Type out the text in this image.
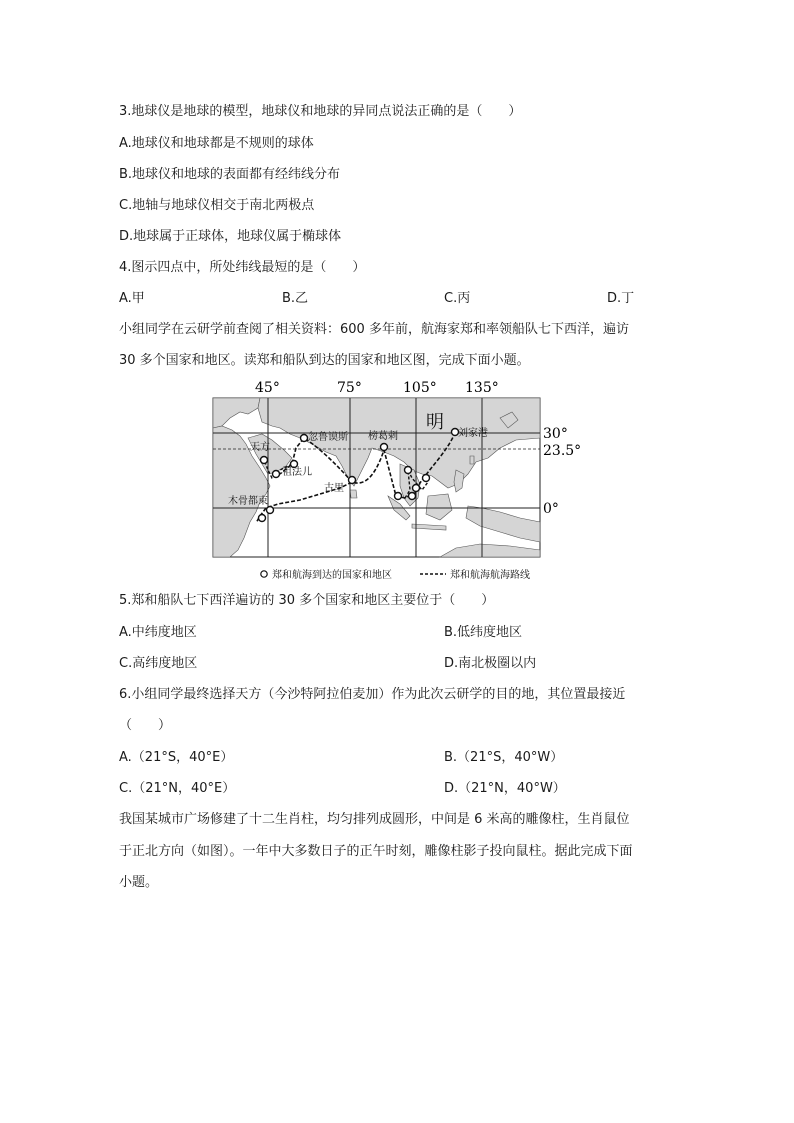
3.地球仪是地球的模型，地球仪和地球的异同点说法正确的是（　　）
A.地球仪和地球都是不规则的球体
B.地球仪和地球的表面都有经纬线分布
C.地轴与地球仪相交于南北两极点
D.地球属于正球体，地球仪属于椭球体
4.图示四点中，所处纬线最短的是（　　）
A.甲	B.乙	C.丙	D.丁
小组同学在云研学前查阅了相关资料：600 多年前，航海家郑和率领船队七下西洋，遍访
30 多个国家和地区。读郑和船队到达的国家和地区图，完成下面小题。
45°	75°	105° 135°
30°
23.5°
0°
明
刘家港
忽鲁谟斯
天方
祖法儿
榜葛剌
古里
木骨都束
郑和航海到达的国家和地区	郑和航海航海路线
5.郑和船队七下西洋遍访的 30 多个国家和地区主要位于（　　）
A.中纬度地区	B.低纬度地区
C.高纬度地区	D.南北极圈以内
6.小组同学最终选择天方（今沙特阿拉伯麦加）作为此次云研学的目的地，其位置最接近
（　　）
A.（21°S，40°E）	B.（21°S，40°W）
C.（21°N，40°E）	D.（21°N，40°W）
我国某城市广场修建了十二生肖柱，均匀排列成圆形，中间是 6 米高的雕像柱，生肖鼠位
于正北方向（如图）。一年中大多数日子的正午时刻，雕像柱影子投向鼠柱。据此完成下面
小题。
